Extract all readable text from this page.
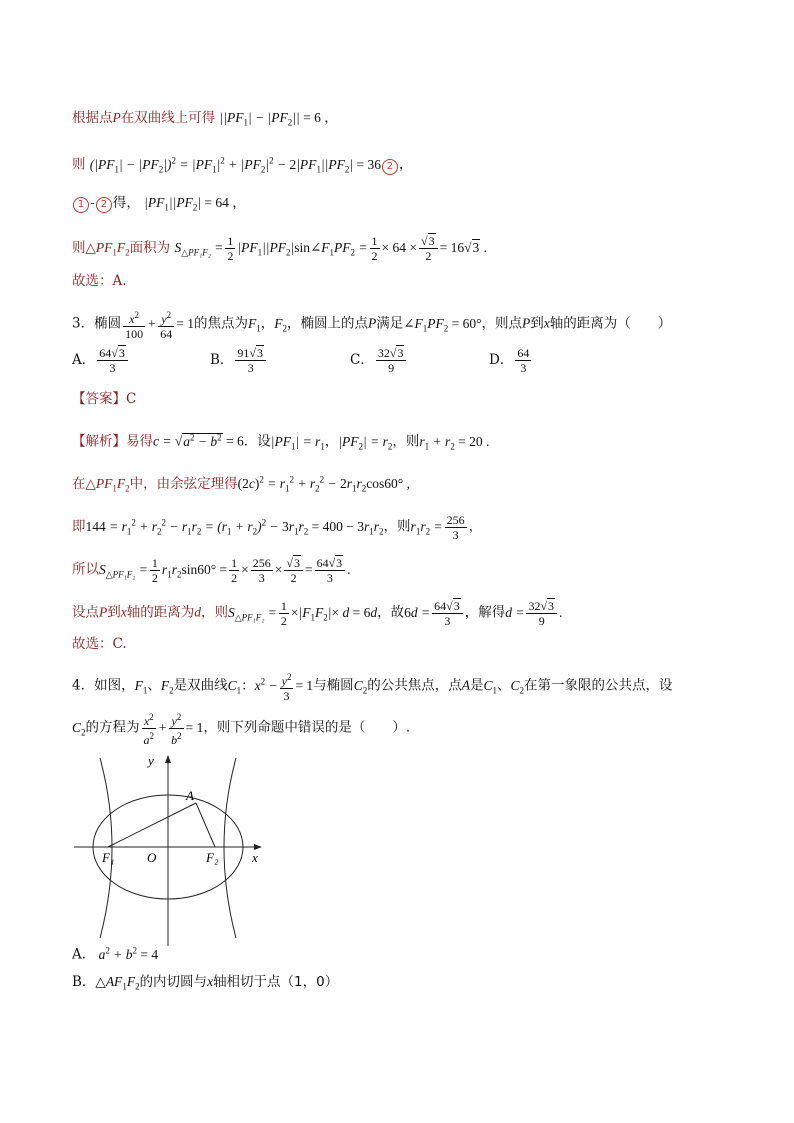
根据点P在双曲线上可得 $||PF_1| - |PF_2|| = 6$ ，
则 $(|PF_1| - |PF_2|)^2 = |PF_1|^2 + |PF_2|^2 - 2|PF_1||PF_2| = 36$ 2 ，
1 - 2 得， $|PF_1||PF_2| = 64$ ，
则$\triangle PF_1F_2$面积为 $S_{\triangle PF_1F_2} = \frac{1}{2}$ $|PF_1||PF_2|\sin\angle F_1PF_2 = \frac{1}{2} \times 64 \times \frac{√3}{2} = 16√3$ .
故选：A.
3．椭圆 $\frac{x^2}{100} + \frac{y^2}{64} = 1$的焦点为$F_1$，$F_2$，椭圆上的点P满足$\angle F_1PF_2 = 60^\circ$，则点P到x轴的距离为（　　）
A． $\frac{64√3}{3}$	B． $\frac{91√3}{3}$	C． $\frac{32√3}{9}$	D． $\frac{64}{3}$
【答案】C
【解析】易得$c = √a^2 - b^2 = 6$．设$|PF_1| = r_1$，$|PF_2| = r_2$，则$r_1 + r_2 = 20$ .
在$\triangle PF_1F_2$中，由余弦定理得$(2c)^2 = r_1^2 + r_2^2 - 2r_1r_2\cos 60^\circ$ ,
即$144 = r_1^2 + r_2^2 - r_1r_2 = (r_1 + r_2)^2 - 3r_1r_2 = 400 - 3r_1r_2$，则$r_1r_2 = \frac{256}{3}$ ，
所以$S_{\triangle PF_1F_2} = \frac{1}{2} r_1r_2\sin 60^\circ = \frac{1}{2} \times \frac{256}{3} \times \frac{√3}{2} = \frac{64√3}{3}$ .
设点P到x轴的距离为d，则$S_{\triangle PF_1F_2} = \frac{1}{2} \times|F_1F_2|\times d = 6d$，故$6d = \frac{64√3}{3}$ ，解得$d = \frac{32√3}{9}$ .
故选：C.
4．如图，$F_1$、$F_2$是双曲线$C_1$：$x^2 - \frac{y^2}{3} = 1$与椭圆$C_2$的公共焦点，点A是$C_1$、$C_2$在第一象限的公共点，设
$C_2$的方程为 $\frac{x^2}{a^2} + \frac{y^2}{b^2} = 1$，则下列命题中错误的是（　　）.
y
x
A
O
F₁	F₂
A． $a^2 + b^2 = 4$
B．$\triangle AF_1F_2$的内切圆与x轴相切于点（1，0）
